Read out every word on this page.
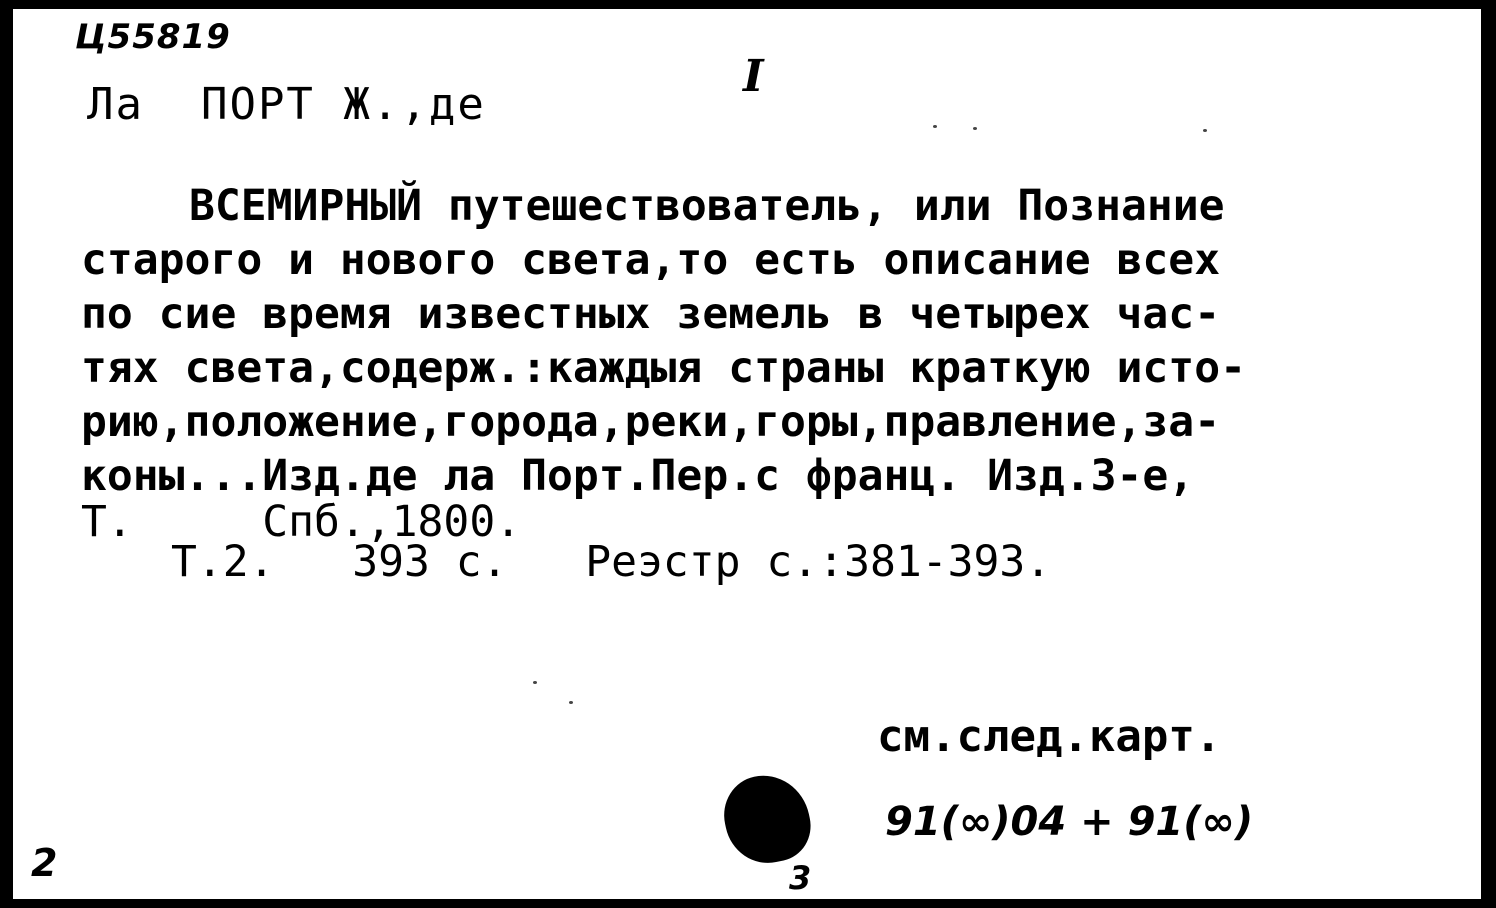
Ц55819
Ла  ПОРТ Ж.,де
I
ВСЕМИРНЫЙ путешествователь, или Познание
старого и нового света,то есть описание всех
по сие время известных земель в четырех час-
тях света,содерж.:каждыя страны краткую исто-
рию,положение,города,реки,горы,правление,за-
коны...Изд.де ла Порт.Пер.с франц. Изд.3-е,
Т.     Спб.,1800.
Т.2.   393 с.   Реэстр с.:381-393.
см.след.карт.
91(∞)04 + 91(∞)
2	3
